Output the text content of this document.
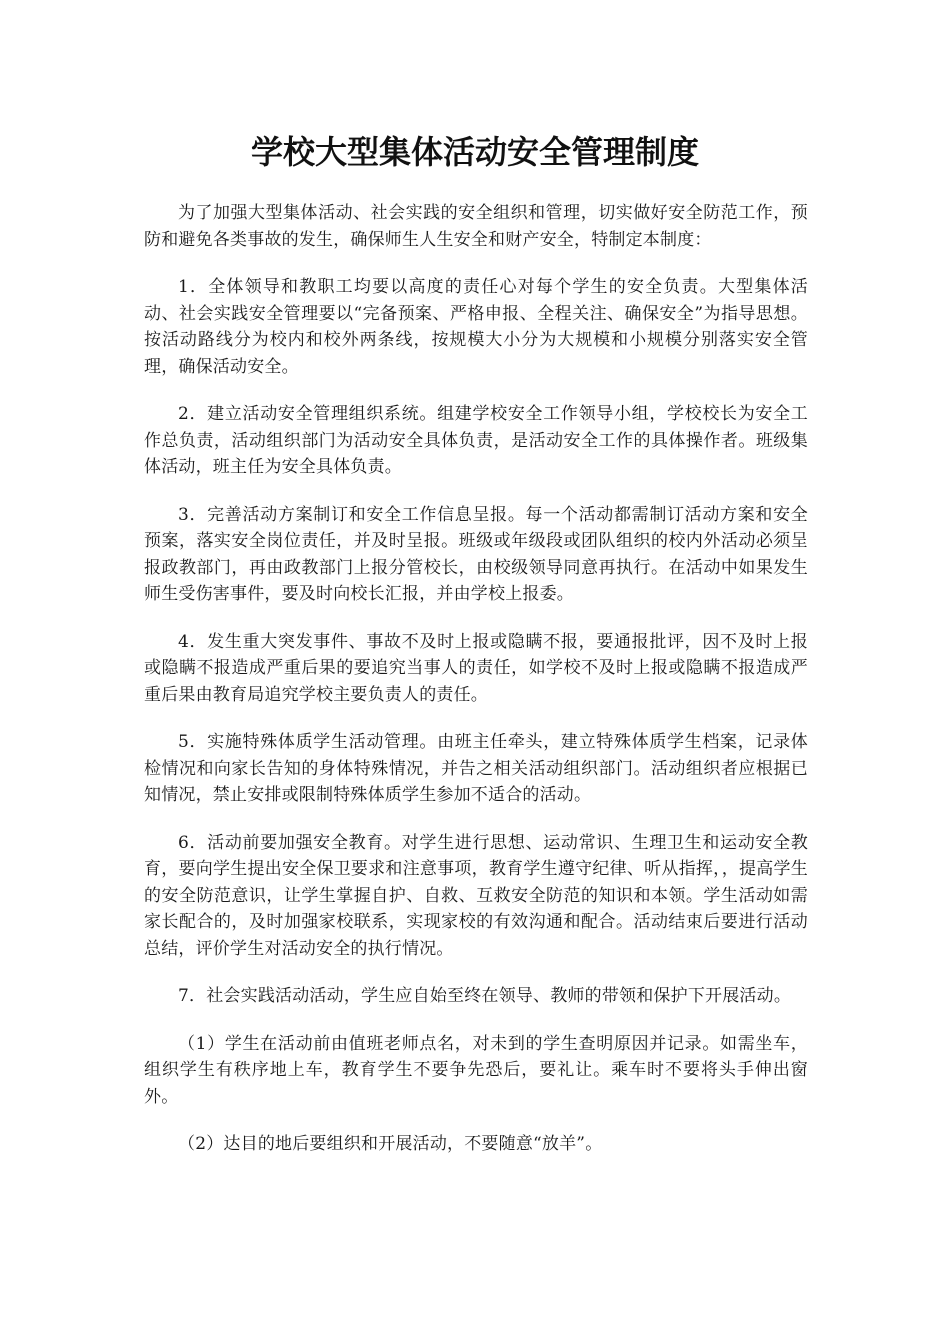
学校大型集体活动安全管理制度

为了加强大型集体活动、社会实践的安全组织和管理，切实做好安全防范工作，预防和避免各类事故的发生，确保师生人生安全和财产安全，特制定本制度：

1．全体领导和教职工均要以高度的责任心对每个学生的安全负责。大型集体活动、社会实践安全管理要以“完备预案、严格申报、全程关注、确保安全”为指导思想。按活动路线分为校内和校外两条线，按规模大小分为大规模和小规模分别落实安全管理，确保活动安全。

2．建立活动安全管理组织系统。组建学校安全工作领导小组，学校校长为安全工作总负责，活动组织部门为活动安全具体负责，是活动安全工作的具体操作者。班级集体活动，班主任为安全具体负责。

3．完善活动方案制订和安全工作信息呈报。每一个活动都需制订活动方案和安全预案，落实安全岗位责任，并及时呈报。班级或年级段或团队组织的校内外活动必须呈报政教部门，再由政教部门上报分管校长，由校级领导同意再执行。在活动中如果发生师生受伤害事件，要及时向校长汇报，并由学校上报委。

4．发生重大突发事件、事故不及时上报或隐瞒不报，要通报批评，因不及时上报或隐瞒不报造成严重后果的要追究当事人的责任，如学校不及时上报或隐瞒不报造成严重后果由教育局追究学校主要负责人的责任。

5．实施特殊体质学生活动管理。由班主任牵头，建立特殊体质学生档案，记录体检情况和向家长告知的身体特殊情况，并告之相关活动组织部门。活动组织者应根据已知情况，禁止安排或限制特殊体质学生参加不适合的活动。

6．活动前要加强安全教育。对学生进行思想、运动常识、生理卫生和运动安全教育，要向学生提出安全保卫要求和注意事项，教育学生遵守纪律、听从指挥，，提高学生的安全防范意识，让学生掌握自护、自救、互救安全防范的知识和本领。学生活动如需家长配合的，及时加强家校联系，实现家校的有效沟通和配合。活动结束后要进行活动总结，评价学生对活动安全的执行情况。

7．社会实践活动活动，学生应自始至终在领导、教师的带领和保护下开展活动。

（1）学生在活动前由值班老师点名，对未到的学生查明原因并记录。如需坐车，组织学生有秩序地上车，教育学生不要争先恐后，要礼让。乘车时不要将头手伸出窗外。

（2）达目的地后要组织和开展活动，不要随意“放羊”。
